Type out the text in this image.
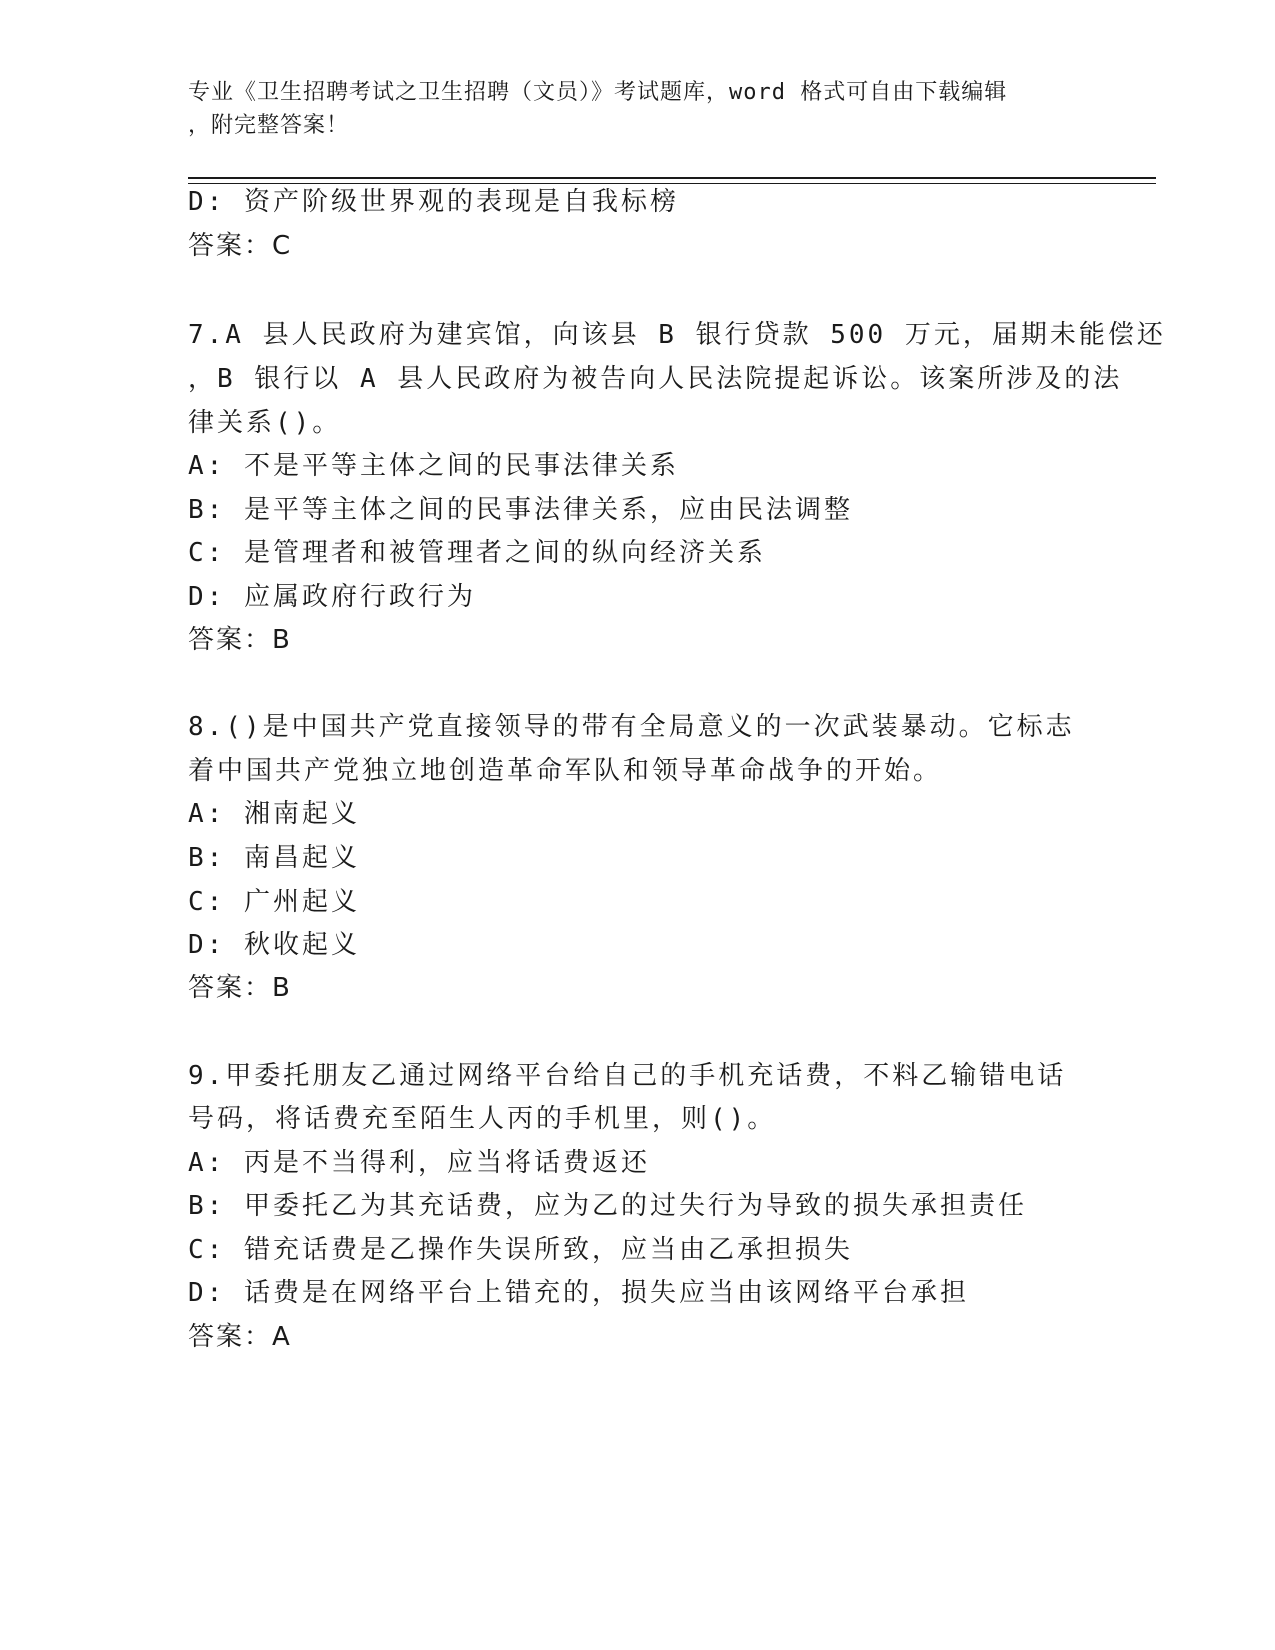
专业《卫生招聘考试之卫生招聘（文员）》考试题库，word 格式可自由下载编辑
，附完整答案！
D: 资产阶级世界观的表现是自我标榜
答案：C
7.A 县人民政府为建宾馆，向该县 B 银行贷款 500 万元，届期未能偿还
，B 银行以 A 县人民政府为被告向人民法院提起诉讼。该案所涉及的法
律关系()。
A: 不是平等主体之间的民事法律关系
B: 是平等主体之间的民事法律关系，应由民法调整
C: 是管理者和被管理者之间的纵向经济关系
D: 应属政府行政行为
答案：B
8.()是中国共产党直接领导的带有全局意义的一次武装暴动。它标志
着中国共产党独立地创造革命军队和领导革命战争的开始。
A: 湘南起义
B: 南昌起义
C: 广州起义
D: 秋收起义
答案：B
9.甲委托朋友乙通过网络平台给自己的手机充话费，不料乙输错电话
号码，将话费充至陌生人丙的手机里，则()。
A: 丙是不当得利，应当将话费返还
B: 甲委托乙为其充话费，应为乙的过失行为导致的损失承担责任
C: 错充话费是乙操作失误所致，应当由乙承担损失
D: 话费是在网络平台上错充的，损失应当由该网络平台承担
答案：A
